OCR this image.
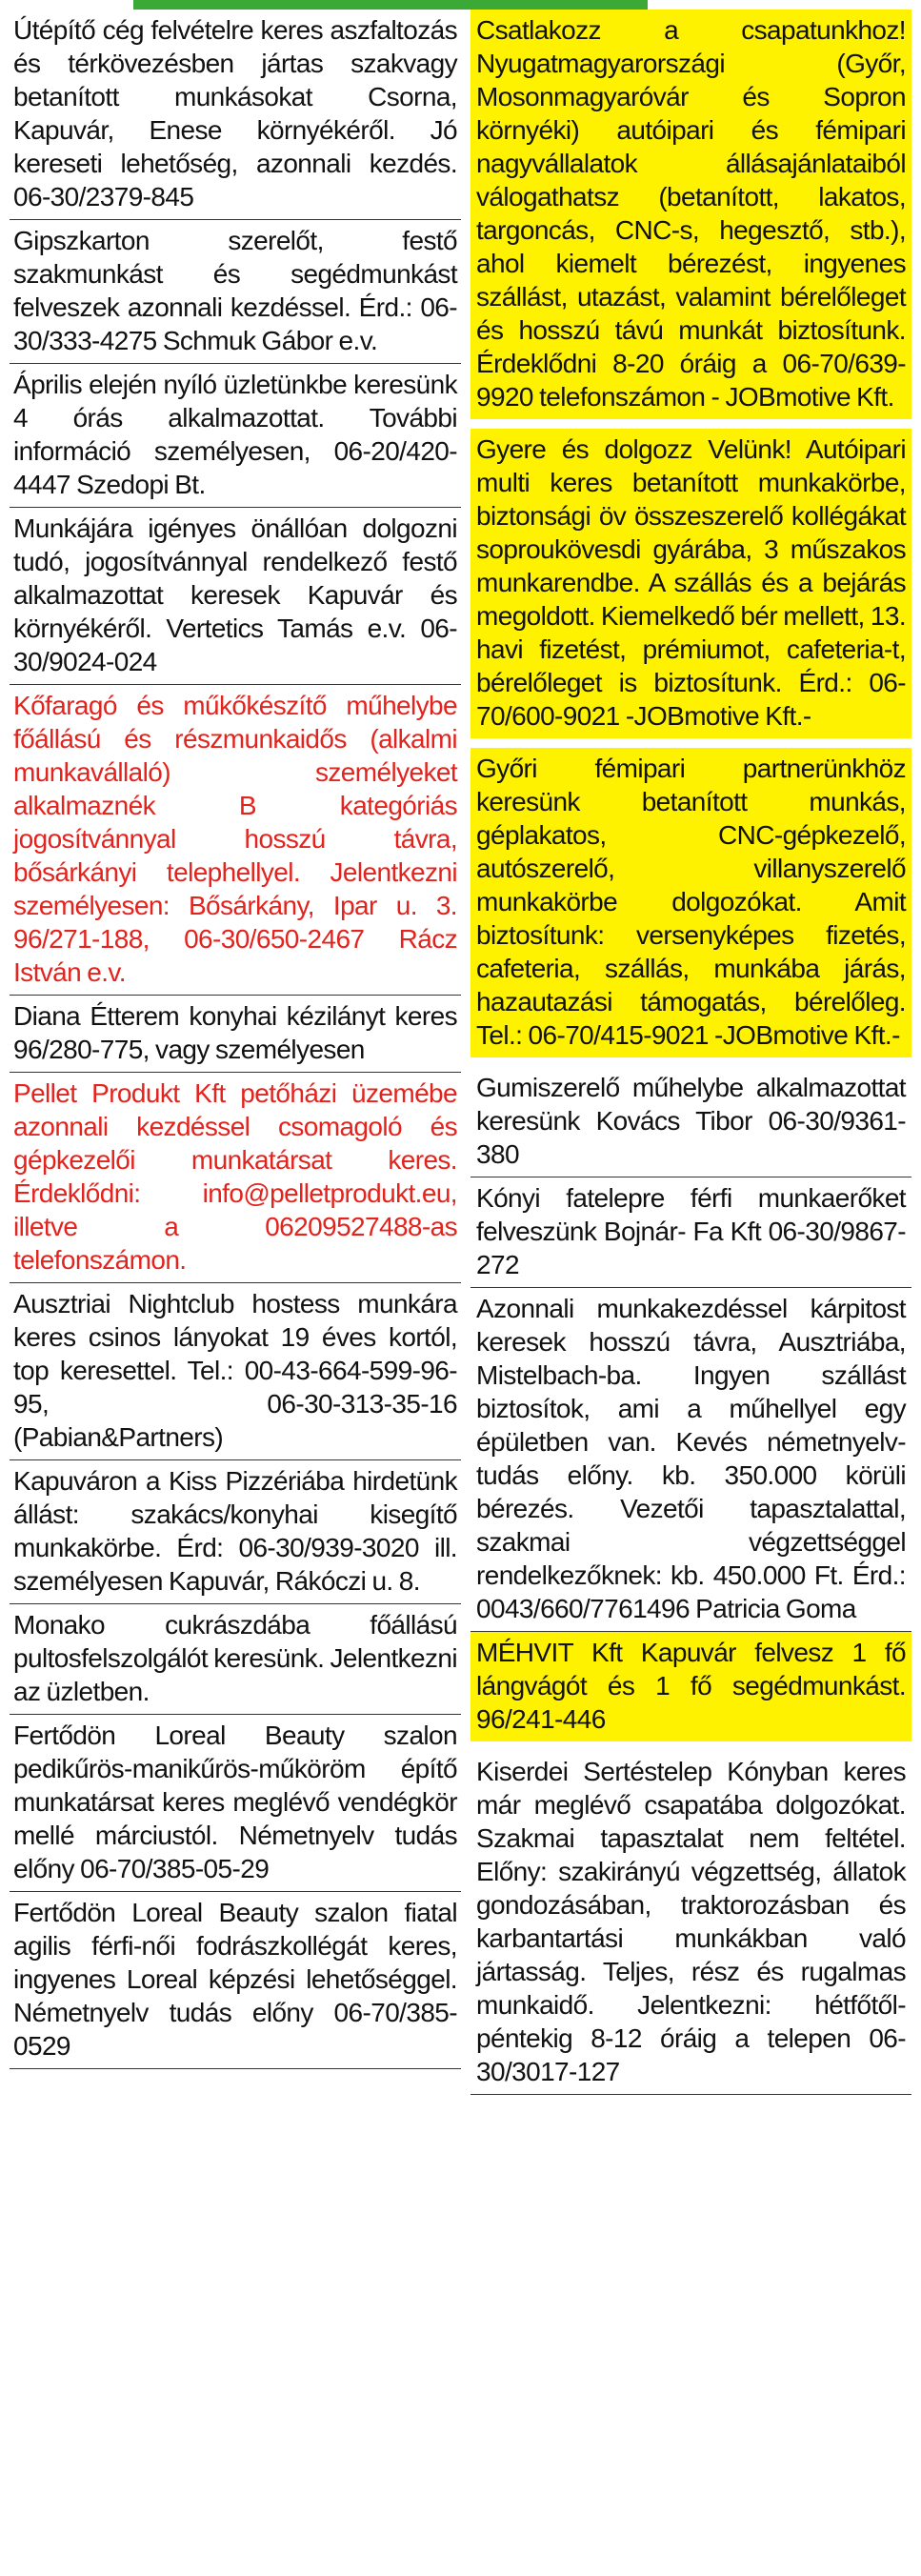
Útépítő cég felvételre keres aszfaltozás és térkövezésben jártas szakvagy betanított munkásokat Csorna, Kapuvár, Enese környékéről. Jó kereseti lehetőség, azonnali kezdés. 06-30/2379-845
Gipszkarton szerelőt, festő szakmunkást és segédmunkást felveszek azonnali kezdéssel. Érd.: 06-30/333-4275 Schmuk Gábor e.v.
Április elején nyíló üzletünkbe keresünk 4 órás alkalmazottat. További információ személyesen, 06-20/420-4447 Szedopi Bt.
Munkájára igényes önállóan dolgozni tudó, jogosítvánnyal rendelkező festő alkalmazottat keresek Kapuvár és környékéről. Vertetics Tamás e.v. 06-30/9024-024
Kőfaragó és műkőkészítő műhelybe főállású és részmunkaidős (alkalmi munkavállaló) személyeket alkalmaznék B kategóriás jogosítvánnyal hosszú távra, bősárkányi telephellyel. Jelentkezni személyesen: Bősárkány, Ipar u. 3. 96/271-188, 06-30/650-2467 Rácz István e.v.
Diana Étterem konyhai kézilányt keres 96/280-775, vagy személyesen
Pellet Produkt Kft petőházi üzemébe azonnali kezdéssel csomagoló és gépkezelői munkatársat keres. Érdeklődni: info@pelletprodukt.eu, illetve a 06209527488-as telefonszámon.
Ausztriai Nightclub hostess munkára keres csinos lányokat 19 éves kortól, top keresettel. Tel.: 00-43-664-599-96-95, 06-30-313-35-16 (Pabian&Partners)
Kapuváron a Kiss Pizzériába hirdetünk állást: szakács/konyhai kisegítő munkakörbe. Érd: 06-30/939-3020 ill. személyesen Kapuvár, Rákóczi u. 8.
Monako cukrászdába főállású pultosfelszolgálót keresünk. Jelentkezni az üzletben.
Fertődön Loreal Beauty szalon pedikűrös-manikűrös-műköröm építő munkatársat keres meglévő vendégkör mellé márciustól. Németnyelv tudás előny 06-70/385-05-29
Fertődön Loreal Beauty szalon fiatal agilis férfi-női fodrászkollégát keres, ingyenes Loreal képzési lehetőséggel. Németnyelv tudás előny 06-70/385-0529
Csatlakozz a csapatunkhoz! Nyugatmagyarországi (Győr, Mosonmagyaróvár és Sopron környéki) autóipari és fémipari nagyvállalatok állásajánlataiból válogathatsz (betanított, lakatos, targoncás, CNC-s, hegesztő, stb.), ahol kiemelt bérezést, ingyenes szállást, utazást, valamint bérelőleget és hosszú távú munkát biztosítunk. Érdeklődni 8-20 óráig a 06-70/639-9920 telefonszámon - JOBmotive Kft.
Gyere és dolgozz Velünk! Autóipari multi keres betanított munkakörbe, biztonsági öv összeszerelő kollégákat soproukövesdi gyárába, 3 műszakos munkarendbe. A szállás és a bejárás megoldott. Kiemelkedő bér mellett, 13. havi fizetést, prémiumot, cafeteria-t, bérelőleget is biztosítunk. Érd.: 06-70/600-9021 -JOBmotive Kft.-
Győri fémipari partnerünkhöz keresünk betanított munkás, géplakatos, CNC-gépkezelő, autószerelő, villanyszerelő munkakörbe dolgozókat. Amit biztosítunk: versenyképes fizetés, cafeteria, szállás, munkába járás, hazautazási támogatás, bérelőleg. Tel.: 06-70/415-9021 -JOBmotive Kft.-
Gumiszerelő műhelybe alkalmazottat keresünk Kovács Tibor 06-30/9361-380
Kónyi fatelepre férfi munkaerőket felveszünk Bojnár- Fa Kft 06-30/9867-272
Azonnali munkakezdéssel kárpitost keresek hosszú távra, Ausztriába, Mistelbach-ba. Ingyen szállást biztosítok, ami a műhellyel egy épületben van. Kevés németnyelv-tudás előny. kb. 350.000 körüli bérezés. Vezetői tapasztalattal, szakmai végzettséggel rendelkezőknek: kb. 450.000 Ft. Érd.: 0043/660/7761496 Patricia Goma
MÉHVIT Kft Kapuvár felvesz 1 fő lángvágót és 1 fő segédmunkást. 96/241-446
Kiserdei Sertéstelep Kónyban keres már meglévő csapatába dolgozókat. Szakmai tapasztalat nem feltétel. Előny: szakirányú végzettség, állatok gondozásában, traktorozásban és karbantartási munkákban való jártasság. Teljes, rész és rugalmas munkaidő. Jelentkezni: hétfőtől-péntekig 8-12 óráig a telepen 06-30/3017-127
